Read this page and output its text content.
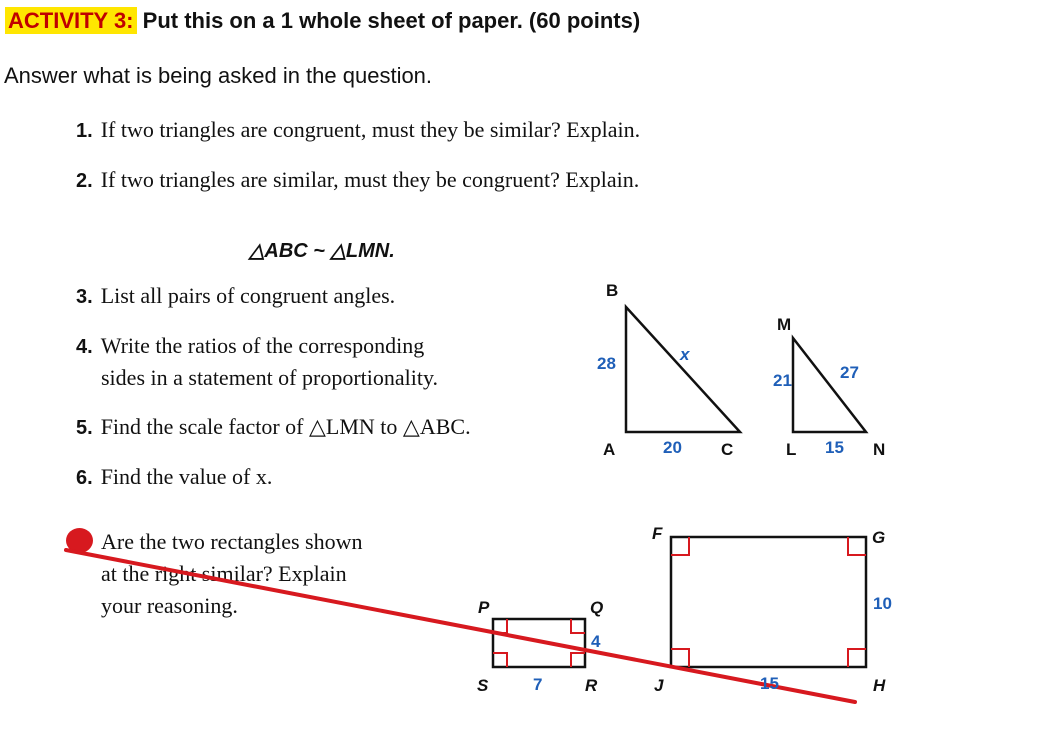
ACTIVITY 3: Put this on a 1 whole sheet of paper. (60 points)
Answer what is being asked in the question.
1. If two triangles are congruent, must they be similar? Explain.
2. If two triangles are similar, must they be congruent? Explain.
△ABC ~ △LMN.
3. List all pairs of congruent angles.
4. Write the ratios of the corresponding
sides in a statement of proportionality.
5. Find the scale factor of △LMN to △ABC.
6. Find the value of x.
Are the two rectangles shown
at the right similar? Explain
your reasoning.
B
A	C
28	x
20
M
L	N
21	27
15
P	Q
R
S	7
4
F	G
H
J	15
10
